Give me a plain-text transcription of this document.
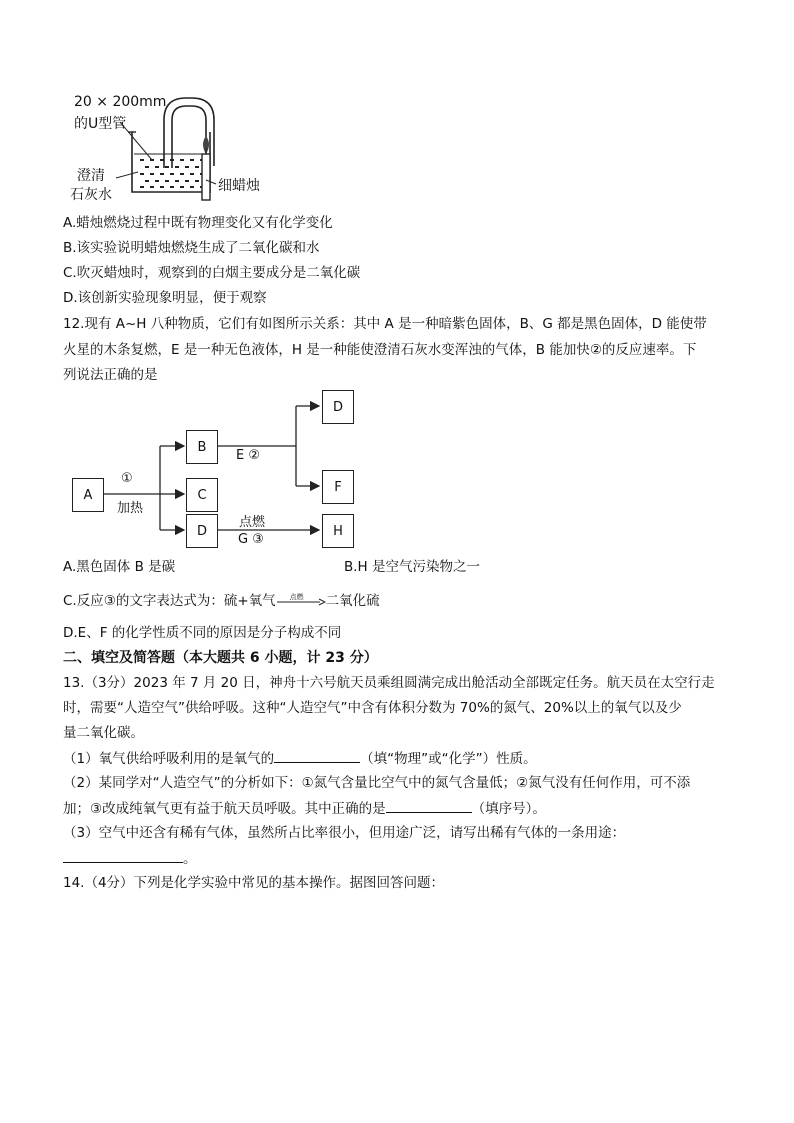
20 × 200mm
的U型管
澄清
石灰水
细蜡烛
A.蜡烛燃烧过程中既有物理变化又有化学变化
B.该实验说明蜡烛燃烧生成了二氧化碳和水
C.吹灭蜡烛时，观察到的白烟主要成分是二氧化碳
D.该创新实验现象明显，便于观察
12.现有 A~H 八种物质，它们有如图所示关系：其中 A 是一种暗紫色固体，B、G 都是黑色固体，D 能使带
火星的木条复燃，E 是一种无色液体，H 是一种能使澄清石灰水变浑浊的气体，B 能加快②的反应速率。下
列说法正确的是
A
B
C
D
D
F
H
①
加热
E ②
点燃
G ③
A.黑色固体 B 是碳	B.H 是空气污染物之一
C.反应③的文字表达式为：硫+氧气 点燃 二氧化硫
D.E、F 的化学性质不同的原因是分子构成不同
二、填空及简答题（本大题共 6 小题，计 23 分）
13.（3分）2023 年 7 月 20 日，神舟十六号航天员乘组圆满完成出舱活动全部既定任务。航天员在太空行走
时，需要“人造空气”供给呼吸。这种“人造空气”中含有体积分数为 70%的氮气、20%以上的氧气以及少
量二氧化碳。
（1）氧气供给呼吸利用的是氧气的	（填“物理”或“化学”）性质。
（2）某同学对“人造空气”的分析如下：①氮气含量比空气中的氮气含量低；②氮气没有任何作用，可不添
加；③改成纯氧气更有益于航天员呼吸。其中正确的是	（填序号）。
（3）空气中还含有稀有气体，虽然所占比率很小，但用途广泛，请写出稀有气体的一条用途：
。
14.（4分）下列是化学实验中常见的基本操作。据图回答问题：
